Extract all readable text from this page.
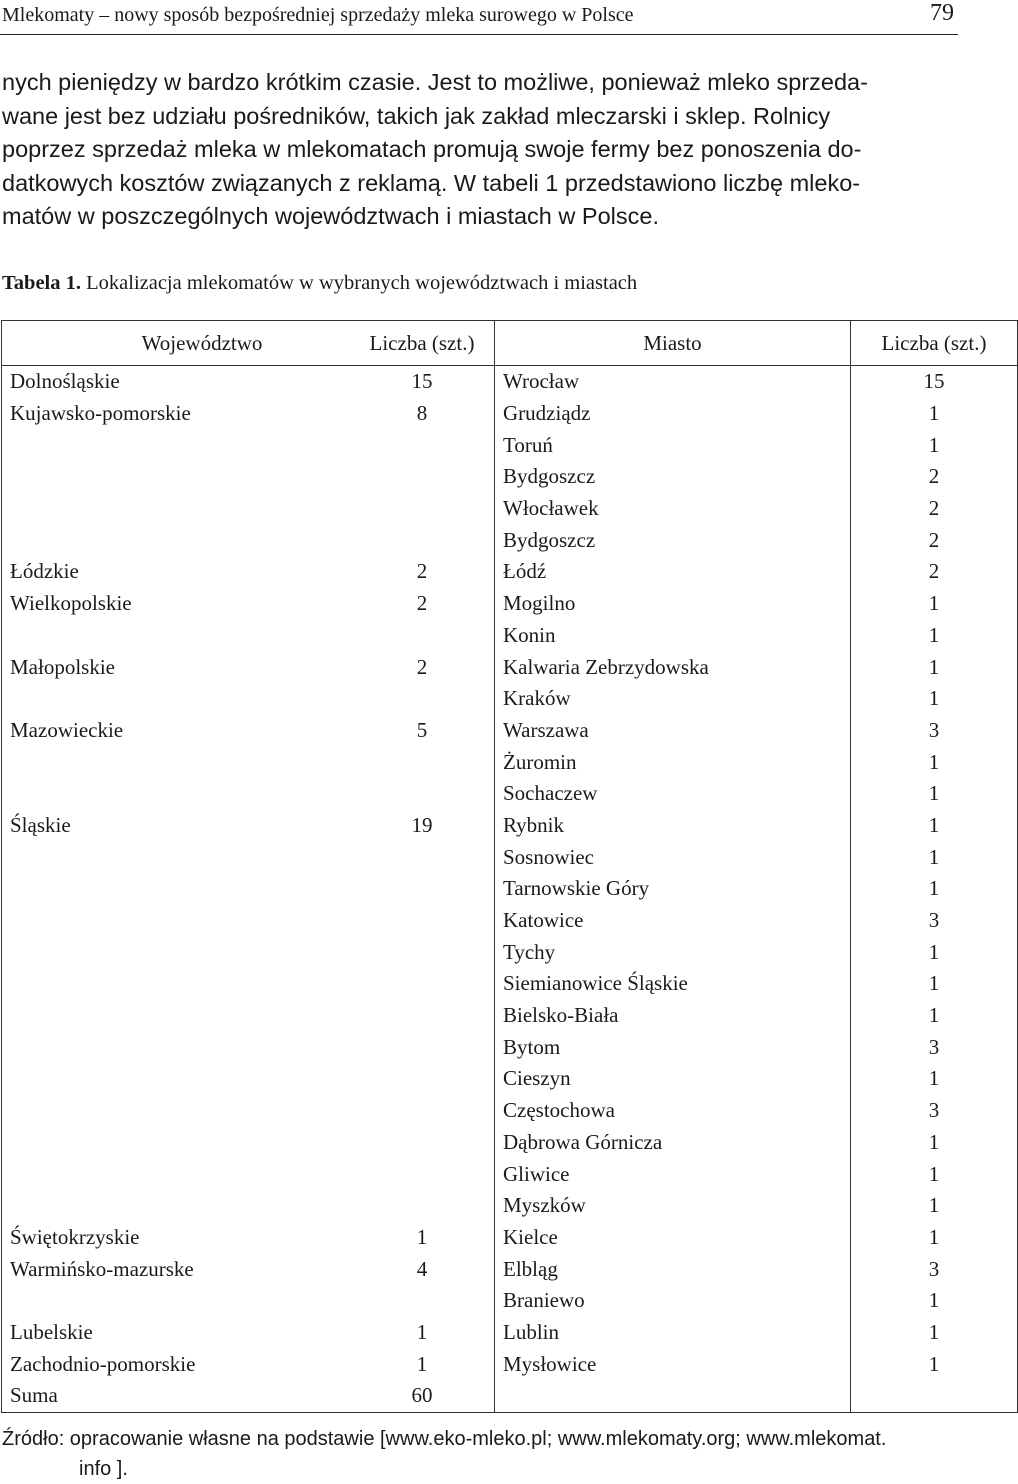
Mlekomaty – nowy sposób bezpośredniej sprzedaży mleka surowego w Polsce	79
nych pieniędzy w bardzo krótkim czasie. Jest to możliwe, ponieważ mleko sprzeda-
wane jest bez udziału pośredników, takich jak zakład mleczarski i sklep. Rolnicy
poprzez sprzedaż mleka w mlekomatach promują swoje fermy bez ponoszenia do-
datkowych kosztów związanych z reklamą. W tabeli 1 przedstawiono liczbę mleko-
matów w poszczególnych województwach i miastach w Polsce.
Tabela 1. Lokalizacja mlekomatów w wybranych województwach i miastach
Województwo	Liczba (szt.)	Miasto	Liczba (szt.)
Dolnośląskie	15	Wrocław	15
Kujawsko-pomorskie	8	Grudziądz	1
		Toruń	1
		Bydgoszcz	2
		Włocławek	2
		Bydgoszcz	2
Łódzkie	2	Łódź	2
Wielkopolskie	2	Mogilno	1
		Konin	1
Małopolskie	2	Kalwaria Zebrzydowska	1
		Kraków	1
Mazowieckie	5	Warszawa	3
		Żuromin	1
		Sochaczew	1
Śląskie	19	Rybnik	1
		Sosnowiec	1
		Tarnowskie Góry	1
		Katowice	3
		Tychy	1
		Siemianowice Śląskie	1
		Bielsko-Biała	1
		Bytom	3
		Cieszyn	1
		Częstochowa	3
		Dąbrowa Górnicza	1
		Gliwice	1
		Myszków	1
Świętokrzyskie	1	Kielce	1
Warmińsko-mazurske	4	Elbląg	3
		Braniewo	1
Lubelskie	1	Lublin	1
Zachodnio-pomorskie	1	Mysłowice	1
Suma	60		
Źródło: opracowanie własne na podstawie [www.eko-mleko.pl; www.mlekomaty.org; www.mlekomat.
info ].
